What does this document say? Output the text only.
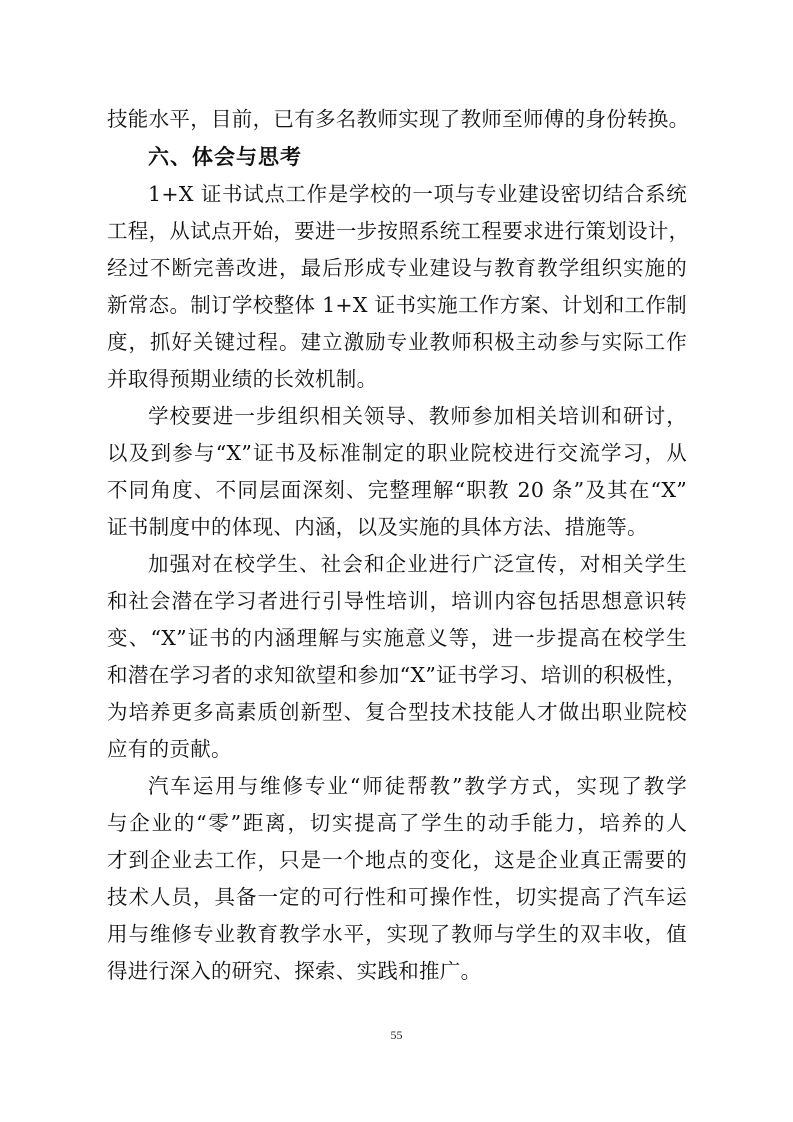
技能水平，目前，已有多名教师实现了教师至师傅的身份转换。
六、体会与思考
1+X 证书试点工作是学校的一项与专业建设密切结合系统
工程，从试点开始，要进一步按照系统工程要求进行策划设计，
经过不断完善改进，最后形成专业建设与教育教学组织实施的
新常态。制订学校整体 1+X 证书实施工作方案、计划和工作制
度，抓好关键过程。建立激励专业教师积极主动参与实际工作
并取得预期业绩的长效机制。
学校要进一步组织相关领导、教师参加相关培训和研讨，
以及到参与“X”证书及标准制定的职业院校进行交流学习，从
不同角度、不同层面深刻、完整理解“职教 20 条”及其在“X”
证书制度中的体现、内涵，以及实施的具体方法、措施等。
加强对在校学生、社会和企业进行广泛宣传，对相关学生
和社会潜在学习者进行引导性培训，培训内容包括思想意识转
变、“X”证书的内涵理解与实施意义等，进一步提高在校学生
和潜在学习者的求知欲望和参加“X”证书学习、培训的积极性，
为培养更多高素质创新型、复合型技术技能人才做出职业院校
应有的贡献。
汽车运用与维修专业“师徒帮教”教学方式，实现了教学
与企业的“零”距离，切实提高了学生的动手能力，培养的人
才到企业去工作，只是一个地点的变化，这是企业真正需要的
技术人员，具备一定的可行性和可操作性，切实提高了汽车运
用与维修专业教育教学水平，实现了教师与学生的双丰收，值
得进行深入的研究、探索、实践和推广。
55
